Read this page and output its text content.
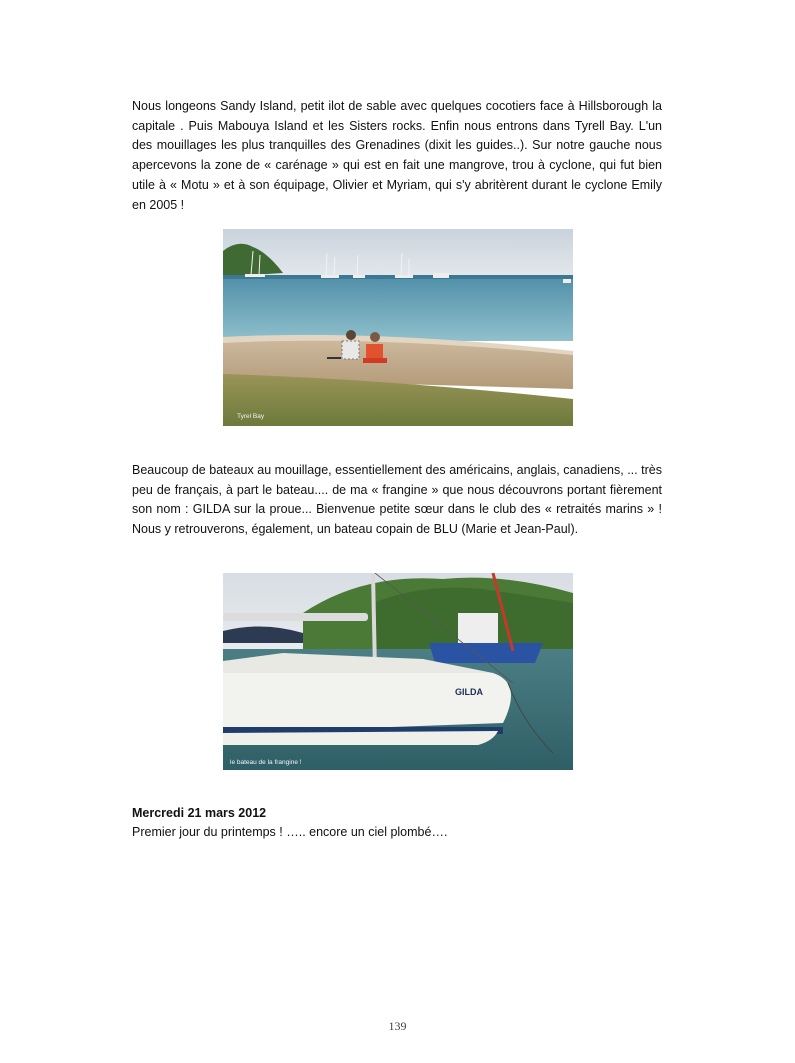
Nous longeons Sandy Island, petit ilot de sable avec quelques cocotiers face à Hillsborough la capitale . Puis Mabouya Island et les Sisters rocks. Enfin nous entrons dans Tyrell Bay. L'un des mouillages les plus tranquilles des Grenadines (dixit les guides..). Sur notre gauche nous apercevons la zone de « carénage » qui est en fait une mangrove, trou à cyclone, qui fut bien utile à « Motu » et à son équipage, Olivier et Myriam, qui s'y abritèrent durant le cyclone Emily en 2005 !

Tyrel Bay

Beaucoup de bateaux au mouillage, essentiellement des américains, anglais, canadiens, ... très peu de français, à part le bateau.... de ma « frangine » que nous découvrons portant fièrement son nom : GILDA sur la proue... Bienvenue petite sœur dans le club des « retraités marins » ! Nous y retrouverons, également, un bateau copain de BLU (Marie et Jean-Paul).

GILDA
le bateau de la frangine !
Mercredi 21 mars 2012
Premier jour du printemps ! ….. encore un ciel plombé….
139
